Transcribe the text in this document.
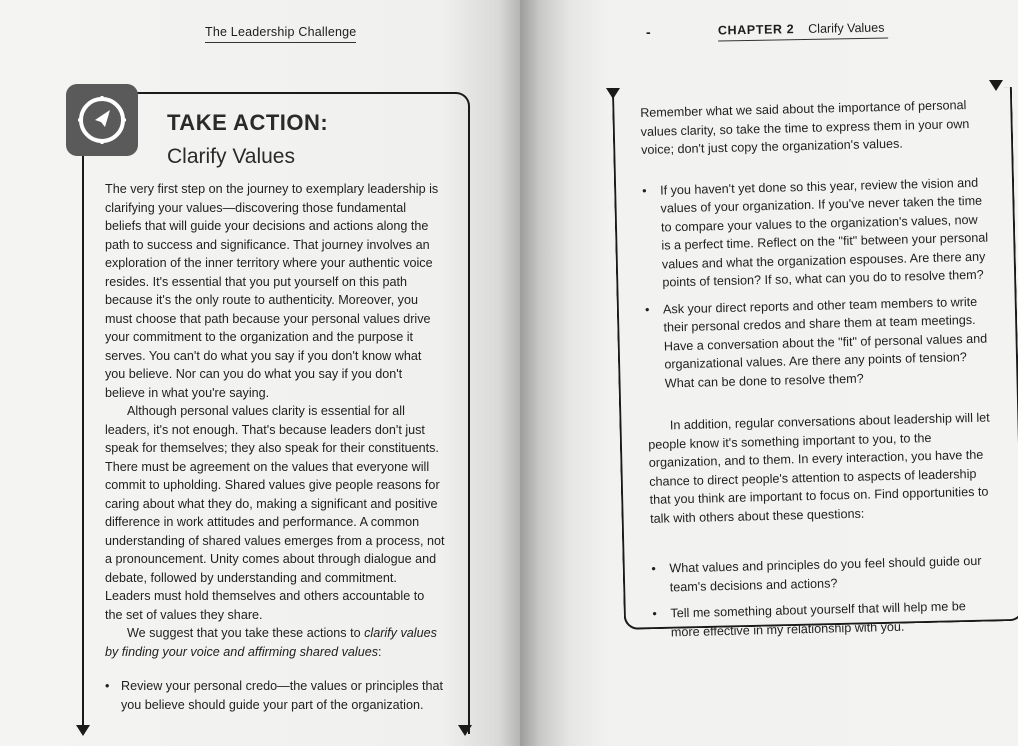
The Leadership Challenge
TAKE ACTION:
Clarify Values

The very first step on the journey to exemplary leadership is clarifying your values—discovering those fundamental beliefs that will guide your decisions and actions along the path to success and significance. That journey involves an exploration of the inner territory where your authentic voice resides. It's essential that you put yourself on this path because it's the only route to authenticity. Moreover, you must choose that path because your personal values drive your commitment to the organization and the purpose it serves. You can't do what you say if you don't know what you believe. Nor can you do what you say if you don't believe in what you're saying.

Although personal values clarity is essential for all leaders, it's not enough. That's because leaders don't just speak for themselves; they also speak for their constituents. There must be agreement on the values that everyone will commit to upholding. Shared values give people reasons for caring about what they do, making a significant and positive difference in work attitudes and performance. A common understanding of shared values emerges from a process, not a pronouncement. Unity comes about through dialogue and debate, followed by understanding and commitment. Leaders must hold themselves and others accountable to the set of values they share.

We suggest that you take these actions to clarify values by finding your voice and affirming shared values:

• Review your personal credo—the values or principles that you believe should guide your part of the organization.

-	CHAPTER 2 Clarify Values

Remember what we said about the importance of personal values clarity, so take the time to express them in your own voice; don't just copy the organization's values.

• If you haven't yet done so this year, review the vision and values of your organization. If you've never taken the time to compare your values to the organization's values, now is a perfect time. Reflect on the "fit" between your personal values and what the organization espouses. Are there any points of tension? If so, what can you do to resolve them?

• Ask your direct reports and other team members to write their personal credos and share them at team meetings. Have a conversation about the "fit" of personal values and organizational values. Are there any points of tension? What can be done to resolve them?

In addition, regular conversations about leadership will let people know it's something important to you, to the organization, and to them. In every interaction, you have the chance to direct people's attention to aspects of leadership that you think are important to focus on. Find opportunities to talk with others about these questions:

• What values and principles do you feel should guide our team's decisions and actions?

• Tell me something about yourself that will help me be more effective in my relationship with you.
